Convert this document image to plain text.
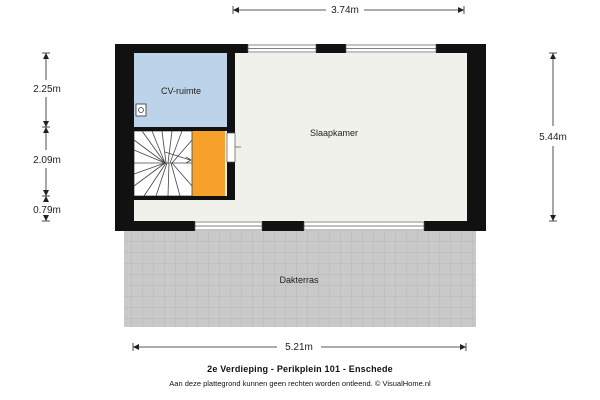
CV-ruimte
Slaapkamer
Dakterras
3.74m
5.44m
5.21m
2.25m
2.09m
0.79m
2e Verdieping - Perikplein 101 - Enschede
Aan deze plattegrond kunnen geen rechten worden ontleend. © VisualHome.nl
